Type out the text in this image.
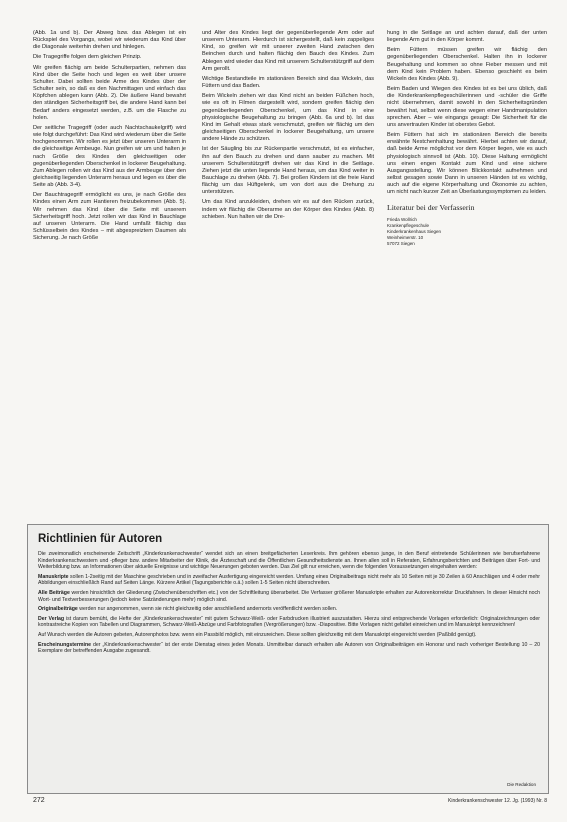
(Abb. 1a und b). Der Abweg bzw. das Ablegen ist ein Rückspiel des Vorgangs, wobei wir wiederum das Kind über die Diagonale weiterhin drehen und hinlegen.

Die Tragegriffe folgen dem gleichen Prinzip.

Wir greifen flächig am beide Schulterpartien, nehmen das Kind über die Seite hoch und legen es weit über unsere Schulter. Dabei sollten beide Arme des Kindes über der Schulter sein, so daß es den Nachmittagen und einfach das Köpfchen ablegen kann (Abb. 2). Die äußere Hand bewahrt den ständigen Sicherheitsgriff bei, die andere Hand kann bei Bedarf anders eingesetzt werden, z.B. um die Flasche zu holen.

Der seitliche Tragegriff (oder auch Nachtschaukelgriff) wird wie folgt durchgeführt: Das Kind wird wiederum über die Seite hochgenommen. Wir rollen es jetzt über unseren Unterarm in die gleichseitige Armbeuge. Nun greifen wir um und halten je nach Größe des Kindes den gleichseitigen oder gegenüberliegenden Oberschenkel in lockerer Beugehaltung. Zum Ablegen rollen wir das Kind aus der Armbeuge über den gleichseitig liegenden Unterarm heraus und legen es über die Seite ab (Abb. 3-4).

Der Bauchtragegriff ermöglicht es uns, je nach Größe des Kindes einen Arm zum Hantieren freizubekommen (Abb. 5). Wir nehmen das Kind über die Seite mit unserem Sicherheitsgriff hoch. Jetzt rollen wir das Kind in Bauchlage auf unseren Unterarm. Die Hand umfaßt flächig das Schlüsselbein des Kindes – mit abgespreiztem Daumen als Sicherung. Je nach Größe

und Alter des Kindes liegt der gegenüberliegende Arm oder auf unserem Unterarm. Hierdurch ist sichergestellt, daß kein zappeliges Kind, so greifen wir mit unserer zweiten Hand zwischen den Beinchen durch und halten flächig den Bauch des Kindes. Zum Ablegen wird wieder das Kind mit unserem Schulterstützgriff auf dem Arm gerollt.

Wichtige Bestandteile im stationären Bereich sind das Wickeln, das Füttern und das Baden.

Beim Wickeln ziehen wir das Kind nicht an beiden Füßchen hoch, wie es oft in Filmen dargestellt wird, sondern greifen flächig den gegenüberliegenden Oberschenkel, um das Kind in eine physiologische Beugehaltung zu bringen (Abb. 6a und b). Ist das Kind im Gehalt etwas stark verschmutzt, greifen wir flächig um den gleichseitigen Oberschenkel in lockerer Beugehaltung, um unsere andere Hände zu schützen.

Ist der Säugling bis zur Rückenpartie verschmutzt, ist es einfacher, ihn auf den Bauch zu drehen und dann sauber zu machen. Mit unserem Schulterstützgriff drehen wir das Kind in die Seitlage. Ziehen jetzt die unten liegende Hand heraus, um das Kind weiter in Bauchlage zu drehen (Abb. 7). Bei großen Kindern ist die freie Hand flächig um das Hüftgelenk, um von dort aus die Drehung zu unterstützen.

Um das Kind anzukleiden, drehen wir es auf den Rücken zurück, indem wir flächig die Oberarme an der Körper des Kindes (Abb. 8) schieben. Nun halten wir die Dre-

hung in die Seitlage an und achten darauf, daß der unten liegende Arm gut in den Körper kommt.

Beim Füttern müssen greifen wir flächig den gegenüberliegenden Oberschenkel. Halten ihn in lockerer Beugehaltung und kommen so ohne Fieber messen und mit dem Kind kein Problem haben. Ebenso geschieht es beim Wickeln des Kindes (Abb. 9).

Beim Baden und Wiegen des Kindes ist es bei uns üblich, daß die Kinderkrankenpflegeschülerinnen und -schüler die Griffe nicht übernehmen, damit sowohl in den Sicherheitsgründen bewährt hat, selbst wenn diese wegen einer Handmanipulation sprechen. Aber – wie eingangs gesagt: Die Sicherheit für die uns anvertrauten Kinder ist oberstes Gebot.

Beim Füttern hat sich im stationären Bereich die bereits erwähnte Nestchenhaltung bewährt. Hierbei achten wir darauf, daß beide Arme möglichst vor dem Körper liegen, wie es auch physiologisch sinnvoll ist (Abb. 10). Diese Haltung ermöglicht uns einen engen Kontakt zum Kind und eine sichere Ausgangsstellung. Wir können Blickkontakt aufnehmen und selbst gesagen sowie Dann in unseren Händen ist es wichtig, auch auf die eigene Körperhaltung und Ökonomie zu achten, um nicht nach kurzer Zeit an Überlastungssymptomen zu leiden.

Literatur bei der Verfasserin
Frieda Wollrich
Krankenpflegeschule
Kinderkrankenhaus Siegen
Weinheimerstr. 10
57072 Siegen
Richtlinien für Autoren

Die zweimonatlich erscheinende Zeitschrift „Kinderkrankenschwester“ wendet sich an einen breitgefächerten Leserkreis. Ihm gehören ebenso junge, in den Beruf eintretende Schülerinnen wie berufserfahrene Kinderkrankenschwestern und -pfleger bzw. andere Mitarbeiter der Klinik, die Ärzteschaft und die Öffentlichen Gesundheitsdienste an. Ihnen allen soll in Referaten, Erfahrungsberichten und Beiträgen über Fort- und Weiterbildung bzw. an Informationen über aktuelle Ereignisse und wichtige Neuerungen geboten werden. Das Ziel gilt nur erreichen, wenn die folgenden Voraussetzungen eingehalten werden:

Manuskripte sollen 1-2seitig mit der Maschine geschrieben und in zweifacher Ausfertigung eingereicht werden. Umfang eines Originalbeitrags nicht mehr als 10 Seiten mit je 30 Zeilen à 60 Anschlägen und 4 oder mehr Abbildungen einschließlich Rand auf Seiten Länge. Kürzere Artikel (Tagungsberichte o.ä.) sollen 1-5 Seiten nicht überschreiten.

Alle Beiträge werden hinsichtlich der Gliederung (Zwischenüberschriften etc.) von der Schriftleitung überarbeitet. Die Verfasser größerer Manuskripte erhalten zur Autorenkorrektur Druckfahnen. In dieser Hinsicht noch Wort- und Textverbesserungen (jedoch keine Satzänderungen mehr) möglich sind.

Originalbeiträge werden nur angenommen, wenn sie nicht gleichzeitig oder anschließend andernorts veröffentlicht werden sollen.

Der Verlag ist darum bemüht, die Hefte der „Kinderkrankenschwester“ mit gutem Schwarz-Weiß- oder Farbdrucken illustriert auszustatten. Hierzu sind entsprechende Vorlagen erforderlich: Originalzeichnungen oder kontrastreiche Kopien von Tabellen und Diagrammen, Schwarz-Weiß-Abzüge und Farbfotografien (Vergrößerungen) bzw. -Diapositive. Bitte Vorlagen nicht gefaltet einreichen und im Manuskript kennzeichnen!

Auf Wunsch werden die Autoren gebeten, Autorenphotos bzw. wenn ein Passbild möglich, mit einzureichen. Diese sollten gleichzeitig mit dem Manuskript eingereicht werden (Paßbild genügt).

Erscheinungstermine der „Kinderkrankenschwester“ ist der erste Dienstag eines jeden Monats. Unmittelbar danach erhalten alle Autoren von Originalbeiträgen ein Honorar und nach vorheriger Bestellung 10 – 20 Exemplare der betreffenden Ausgabe zugesandt.

Die Redaktion
272	Kinderkrankenschwester 12. Jg. (1993) Nr. 8
